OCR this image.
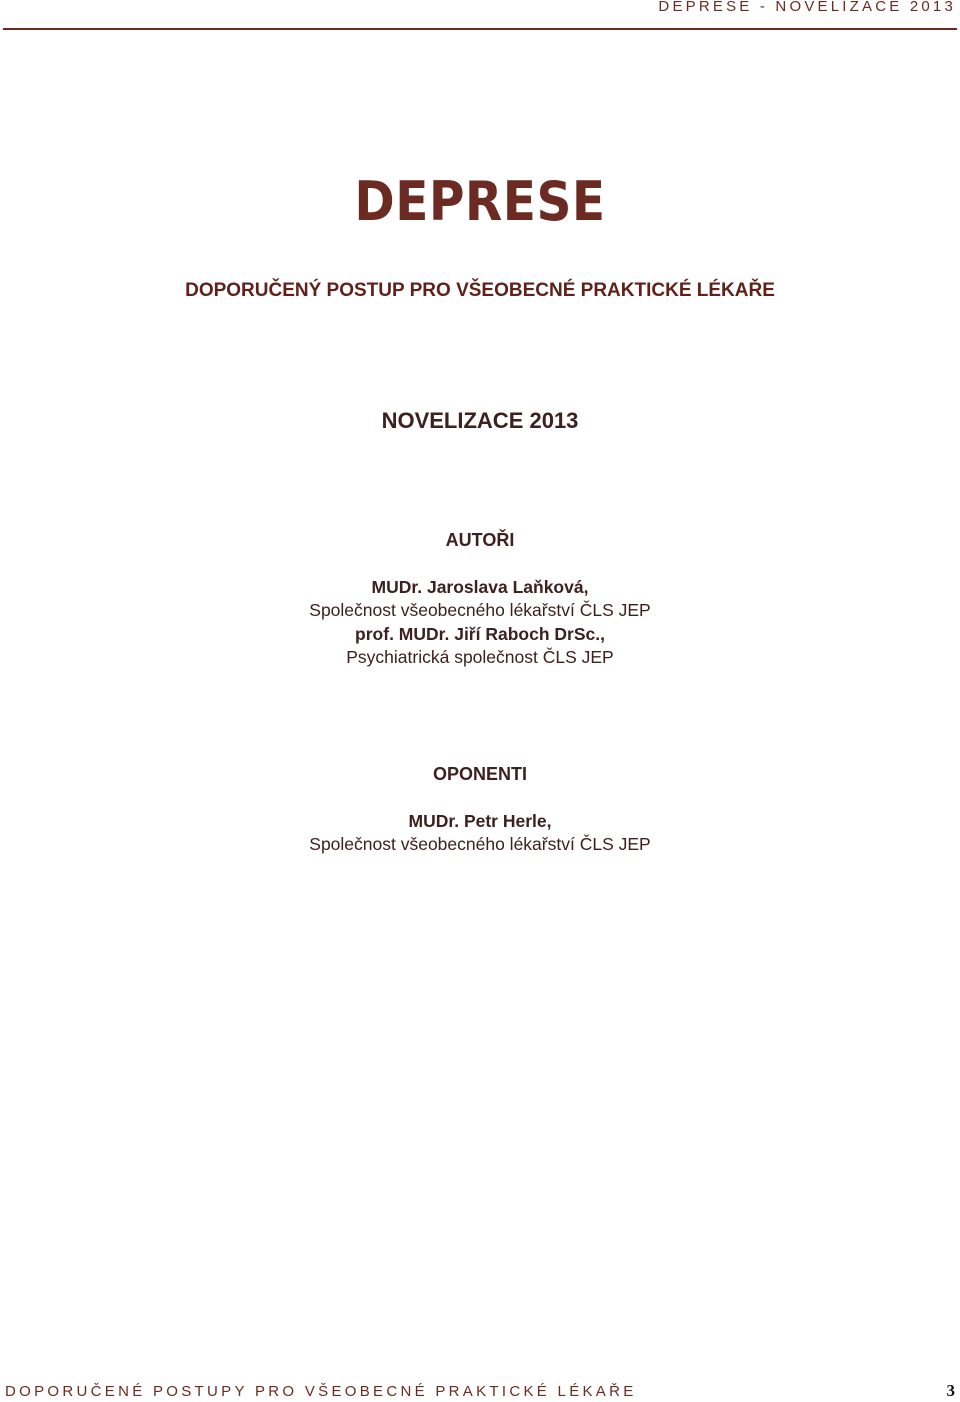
DEPRESE - NOVELIZACE 2013
DEPRESE
DOPORUČENÝ POSTUP PRO VŠEOBECNÉ PRAKTICKÉ LÉKAŘE
NOVELIZACE 2013
AUTOŘI
MUDr. Jaroslava Laňková,
Společnost všeobecného lékařství ČLS JEP
prof. MUDr. Jiří Raboch DrSc.,
Psychiatrická společnost ČLS JEP
OPONENTI
MUDr. Petr Herle,
Společnost všeobecného lékařství ČLS JEP
DOPORUČENÉ POSTUPY PRO VŠEOBECNÉ PRAKTICKÉ LÉKAŘE	3
